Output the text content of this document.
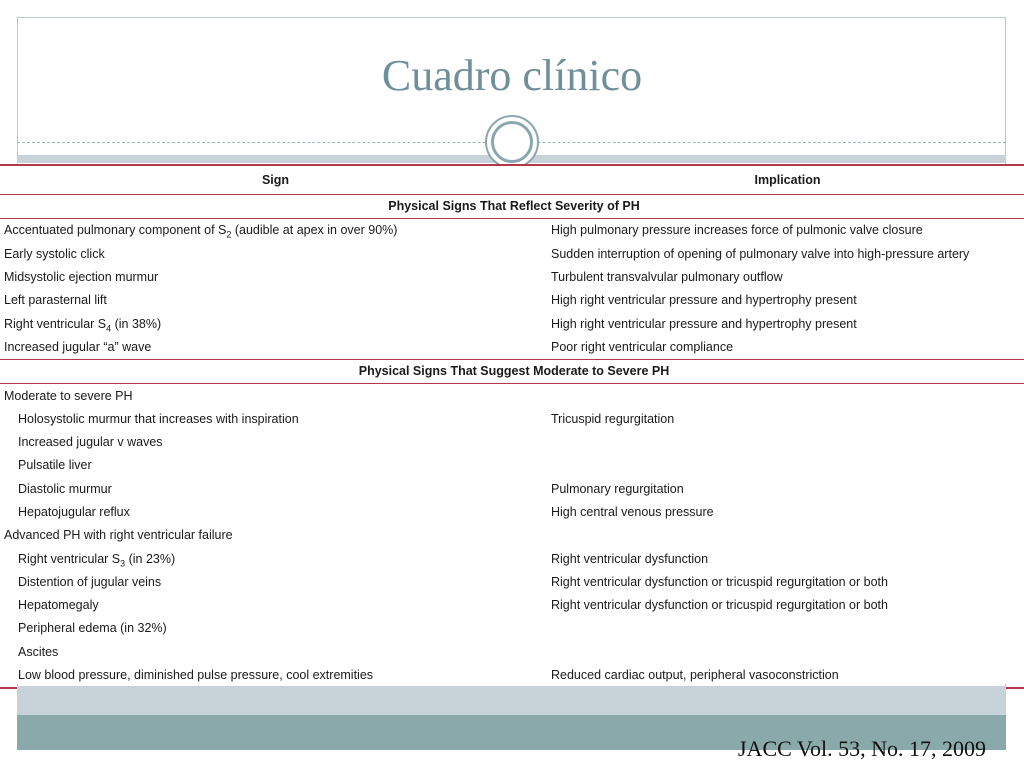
Cuadro clínico
Sign	Implication
Physical Signs That Reflect Severity of PH	
Accentuated pulmonary component of $S_2$ (audible at apex in over 90%)	High pulmonary pressure increases force of pulmonic valve closure
Early systolic click	Sudden interruption of opening of pulmonary valve into high-pressure artery
Midsystolic ejection murmur	Turbulent transvalvular pulmonary outflow
Left parasternal lift	High right ventricular pressure and hypertrophy present
Right ventricular $S_4$ (in 38%)	High right ventricular pressure and hypertrophy present
Increased jugular “a” wave	Poor right ventricular compliance
Physical Signs That Suggest Moderate to Severe PH	
Moderate to severe PH	
Holosystolic murmur that increases with inspiration	Tricuspid regurgitation
Increased jugular v waves	
Pulsatile liver	
Diastolic murmur	Pulmonary regurgitation
Hepatojugular reflux	High central venous pressure
Advanced PH with right ventricular failure	
Right ventricular $S_3$ (in 23%)	Right ventricular dysfunction
Distention of jugular veins	Right ventricular dysfunction or tricuspid regurgitation or both
Hepatomegaly	Right ventricular dysfunction or tricuspid regurgitation or both
Peripheral edema (in 32%)	
Ascites	
Low blood pressure, diminished pulse pressure, cool extremities	Reduced cardiac output, peripheral vasoconstriction
JACC Vol. 53, No. 17, 2009
